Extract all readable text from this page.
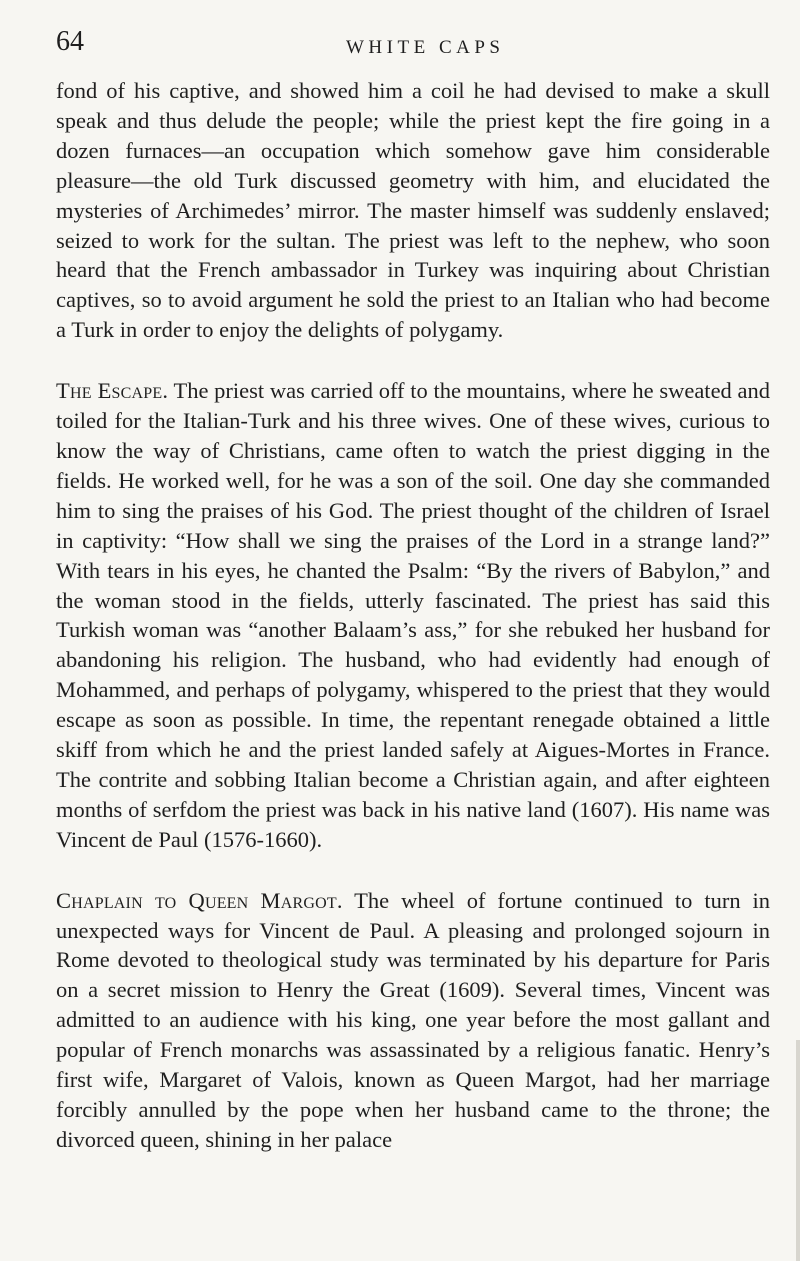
64	WHITE CAPS

fond of his captive, and showed him a coil he had devised to make a skull speak and thus delude the people; while the priest kept the fire going in a dozen furnaces—an occupation which somehow gave him considerable pleasure—the old Turk discussed geometry with him, and elucidated the mysteries of Archimedes’ mirror. The master himself was suddenly enslaved; seized to work for the sultan. The priest was left to the nephew, who soon heard that the French ambassador in Turkey was inquiring about Christian captives, so to avoid argument he sold the priest to an Italian who had become a Turk in order to enjoy the delights of polygamy.

The Escape. The priest was carried off to the mountains, where he sweated and toiled for the Italian-Turk and his three wives. One of these wives, curious to know the way of Christians, came often to watch the priest digging in the fields. He worked well, for he was a son of the soil. One day she commanded him to sing the praises of his God. The priest thought of the children of Israel in captivity: “How shall we sing the praises of the Lord in a strange land?” With tears in his eyes, he chanted the Psalm: “By the rivers of Babylon,” and the woman stood in the fields, utterly fascinated. The priest has said this Turkish woman was “another Balaam’s ass,” for she rebuked her husband for abandoning his religion. The husband, who had evidently had enough of Mohammed, and perhaps of polygamy, whispered to the priest that they would escape as soon as possible. In time, the repentant renegade obtained a little skiff from which he and the priest landed safely at Aigues-Mortes in France. The contrite and sobbing Italian become a Christian again, and after eighteen months of serfdom the priest was back in his native land (1607). His name was Vincent de Paul (1576-1660).

Chaplain to Queen Margot. The wheel of fortune continued to turn in unexpected ways for Vincent de Paul. A pleasing and prolonged sojourn in Rome devoted to theological study was terminated by his departure for Paris on a secret mission to Henry the Great (1609). Several times, Vincent was admitted to an audience with his king, one year before the most gallant and popular of French monarchs was assassinated by a religious fanatic. Henry’s first wife, Margaret of Valois, known as Queen Margot, had her marriage forcibly annulled by the pope when her husband came to the throne; the divorced queen, shining in her palace
